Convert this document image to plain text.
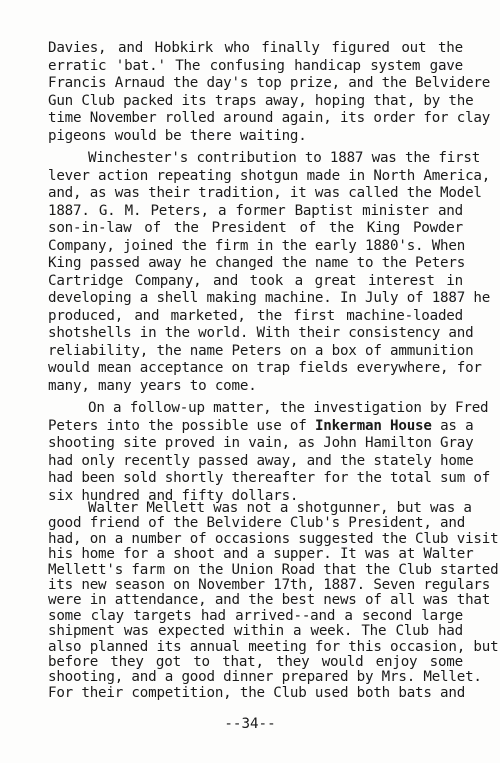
Davies, and Hobkirk who finally figured out the
erratic 'bat.' The confusing handicap system gave
Francis Arnaud the day's top prize, and the Belvidere
Gun Club packed its traps away, hoping that, by the
time November rolled around again, its order for clay
pigeons would be there waiting.
Winchester's contribution to 1887 was the first
lever action repeating shotgun made in North America,
and, as was their tradition, it was called the Model
1887. G. M. Peters, a former Baptist minister and
son-in-law of the President of the King Powder
Company, joined the firm in the early 1880's. When
King passed away he changed the name to the Peters
Cartridge Company, and took a great interest in
developing a shell making machine. In July of 1887 he
produced, and marketed, the first machine-loaded
shotshells in the world. With their consistency and
reliability, the name Peters on a box of ammunition
would mean acceptance on trap fields everywhere, for
many, many years to come.
On a follow-up matter, the investigation by Fred
Peters into the possible use of Inkerman House as a
shooting site proved in vain, as John Hamilton Gray
had only recently passed away, and the stately home
had been sold shortly thereafter for the total sum of
six hundred and fifty dollars.
Walter Mellett was not a shotgunner, but was a
good friend of the Belvidere Club's President, and
had, on a number of occasions suggested the Club visit
his home for a shoot and a supper. It was at Walter
Mellett's farm on the Union Road that the Club started
its new season on November 17th, 1887. Seven regulars
were in attendance, and the best news of all was that
some clay targets had arrived--and a second large
shipment was expected within a week. The Club had
also planned its annual meeting for this occasion, but
before they got to that, they would enjoy some
shooting, and a good dinner prepared by Mrs. Mellet.
For their competition, the Club used both bats and
--34--
